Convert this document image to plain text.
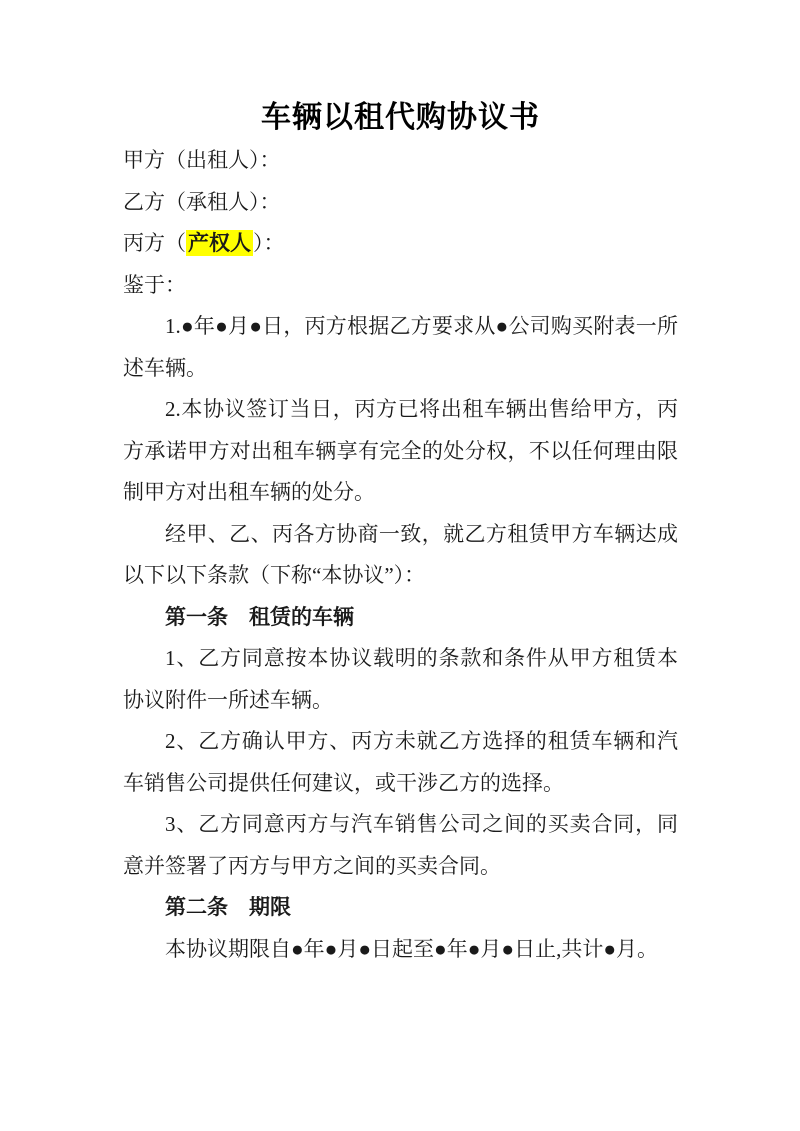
车辆以租代购协议书

甲方（出租人）：

乙方（承租人）：

丙方（产权人）：

鉴于：

1.●年●月●日，丙方根据乙方要求从●公司购买附表一所述车辆。

2.本协议签订当日，丙方已将出租车辆出售给甲方，丙方承诺甲方对出租车辆享有完全的处分权，不以任何理由限制甲方对出租车辆的处分。

经甲、乙、丙各方协商一致，就乙方租赁甲方车辆达成以下以下条款（下称“本协议”）：

第一条　租赁的车辆

1、乙方同意按本协议载明的条款和条件从甲方租赁本协议附件一所述车辆。

2、乙方确认甲方、丙方未就乙方选择的租赁车辆和汽车销售公司提供任何建议，或干涉乙方的选择。

3、乙方同意丙方与汽车销售公司之间的买卖合同，同意并签署了丙方与甲方之间的买卖合同。

第二条　期限

本协议期限自●年●月●日起至●年●月●日止,共计●月。
